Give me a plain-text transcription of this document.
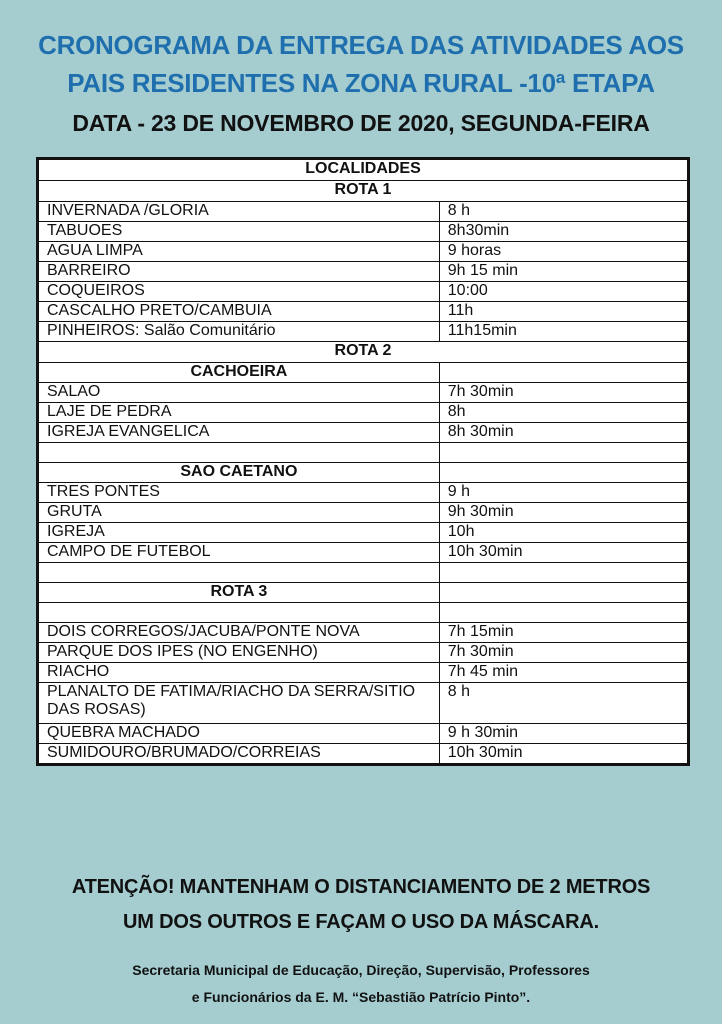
CRONOGRAMA DA ENTREGA DAS ATIVIDADES AOS
PAIS RESIDENTES NA ZONA RURAL -10ª ETAPA
DATA - 23 DE NOVEMBRO DE 2020, SEGUNDA-FEIRA
LOCALIDADES	
ROTA 1	
INVERNADA /GLORIA	8 h
TABUOES	8h30min
AGUA LIMPA	9 horas
BARREIRO	9h 15 min
COQUEIROS	10:00
CASCALHO PRETO/CAMBUIA	11h
PINHEIROS: Salão Comunitário	11h15min
ROTA 2	
CACHOEIRA	
SALAO	7h 30min
LAJE DE PEDRA	8h
IGREJA EVANGELICA	8h 30min

SAO CAETANO	
TRES PONTES	9 h
GRUTA	9h 30min
IGREJA	10h
CAMPO DE FUTEBOL	10h 30min

ROTA 3	

DOIS CORREGOS/JACUBA/PONTE NOVA	7h 15min
PARQUE DOS IPES (NO ENGENHO)	7h 30min
RIACHO	7h 45 min
PLANALTO DE FATIMA/RIACHO DA SERRA/SITIO DAS ROSAS)	8 h
QUEBRA MACHADO	9 h 30min
SUMIDOURO/BRUMADO/CORREIAS	10h 30min
ATENÇÃO! MANTENHAM O DISTANCIAMENTO DE 2 METROS
UM DOS OUTROS E FAÇAM O USO DA MÁSCARA.
Secretaria Municipal de Educação, Direção, Supervisão, Professores
e Funcionários da E. M. “Sebastião Patrício Pinto”.
